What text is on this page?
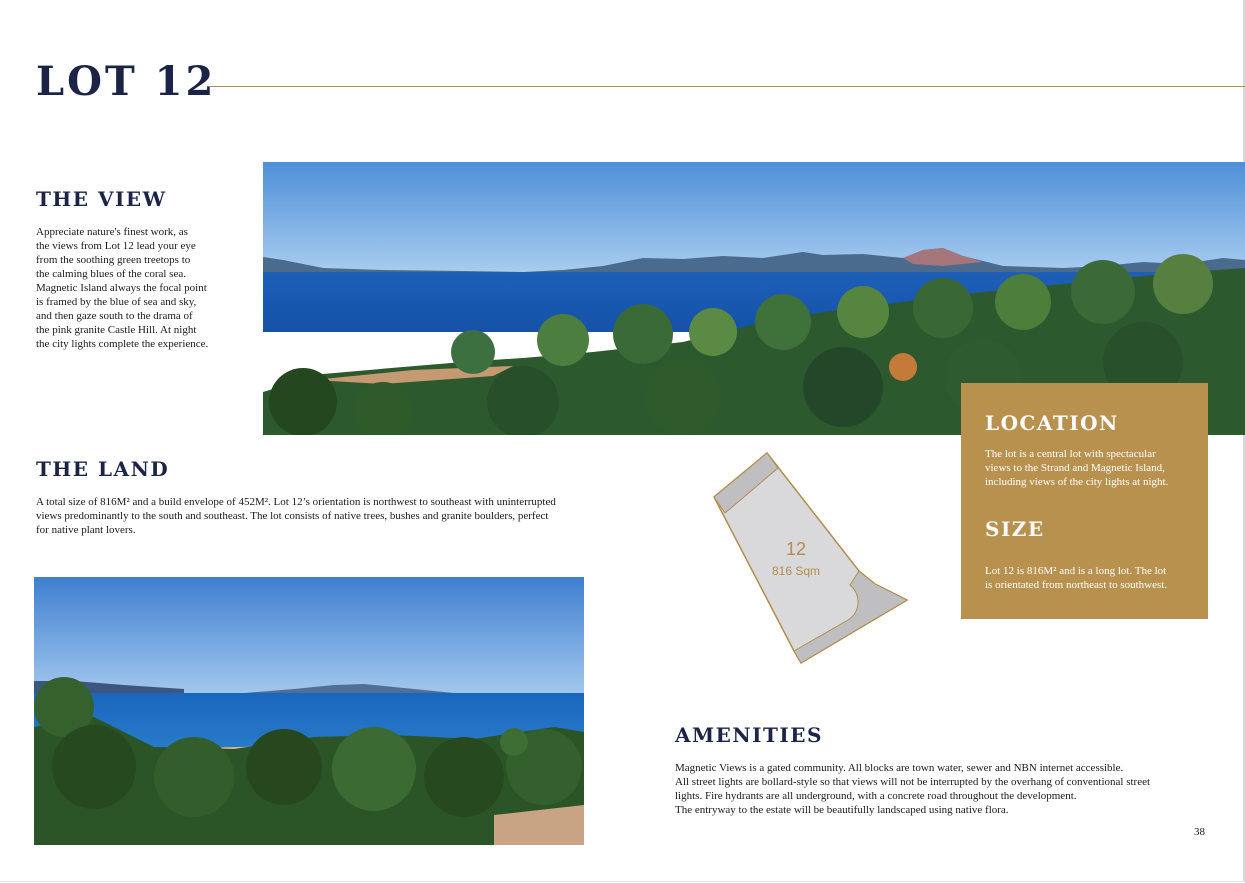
LOT 12
THE VIEW
Appreciate nature's finest work, as
the views from Lot 12 lead your eye
from the soothing green treetops to
the calming blues of the coral sea.
Magnetic Island always the focal point
is framed by the blue of sea and sky,
and then gaze south to the drama of
the pink granite Castle Hill. At night
the city lights complete the experience.
THE LAND
A total size of 816M² and a build envelope of 452M². Lot 12’s orientation is northwest to southeast with uninterrupted
views predominantly to the south and southeast. The lot consists of native trees, bushes and granite boulders, perfect
for native plant lovers.
12
816 Sqm
LOCATION
The lot is a central lot with spectacular
views to the Strand and Magnetic Island,
including views of the city lights at night.
SIZE
Lot 12 is 816M² and is a long lot. The lot
is orientated from northeast to southwest.
AMENITIES
Magnetic Views is a gated community. All blocks are town water, sewer and NBN internet accessible.
All street lights are bollard-style so that views will not be interrupted by the overhang of conventional street
lights. Fire hydrants are all underground, with a concrete road throughout the development.
The entryway to the estate will be beautifully landscaped using native flora.
38
